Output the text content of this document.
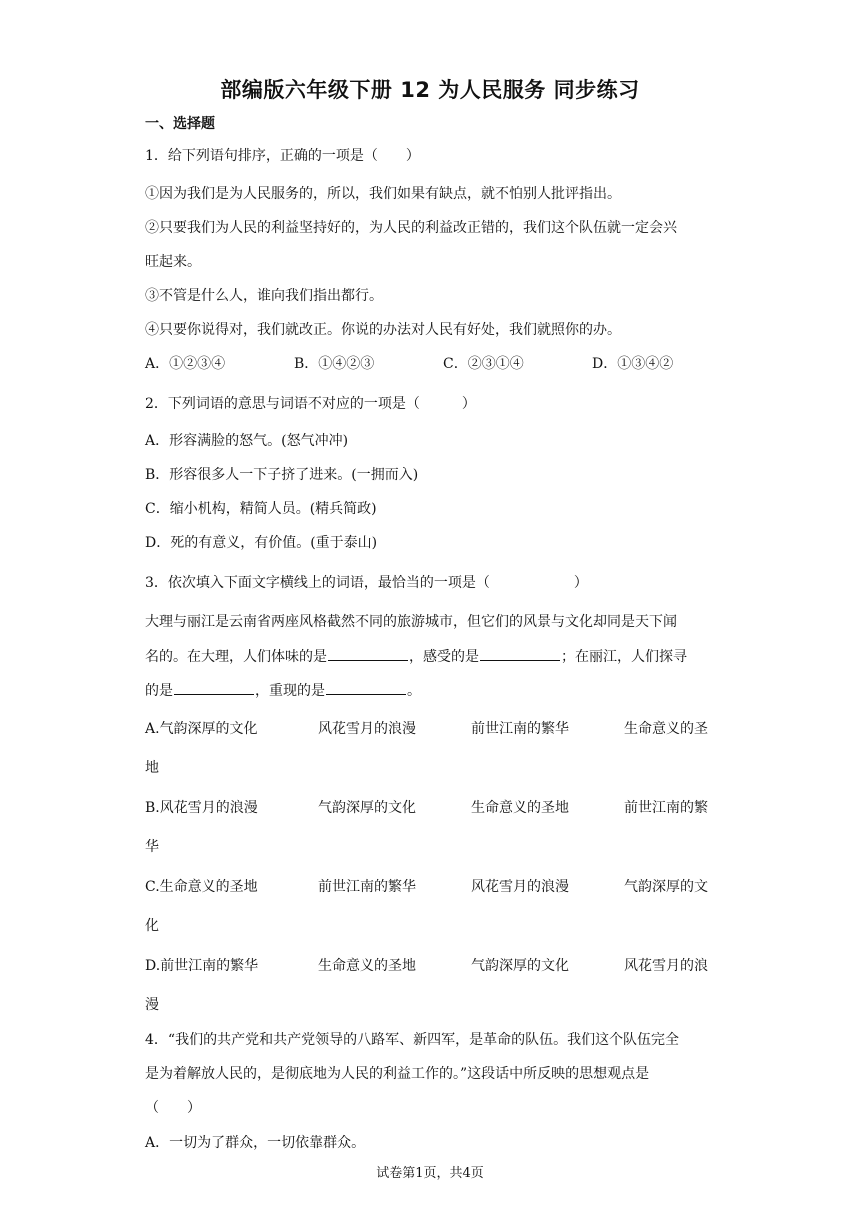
部编版六年级下册 12 为人民服务 同步练习
一、选择题
1．给下列语句排序，正确的一项是（　　）
①因为我们是为人民服务的，所以，我们如果有缺点，就不怕别人批评指出。
②只要我们为人民的利益坚持好的，为人民的利益改正错的，我们这个队伍就一定会兴
旺起来。
③不管是什么人，谁向我们指出都行。
④只要你说得对，我们就改正。你说的办法对人民有好处，我们就照你的办。
A．①②③④	B．①④②③	C．②③①④	D．①③④②
2．下列词语的意思与词语不对应的一项是（　　　）
A．形容满脸的怒气。(怒气冲冲)
B．形容很多人一下子挤了进来。(一拥而入)
C．缩小机构，精简人员。(精兵简政)
D．死的有意义，有价值。(重于泰山)
3．依次填入下面文字横线上的词语，最恰当的一项是（　　　　　　）
大理与丽江是云南省两座风格截然不同的旅游城市，但它们的风景与文化却同是天下闻
名的。在大理，人们体味的是	，感受的是	；在丽江，人们探寻
的是	，重现的是	。
A.气韵深厚的文化	风花雪月的浪漫	前世江南的繁华	生命意义的圣
地
B.风花雪月的浪漫	气韵深厚的文化	生命意义的圣地	前世江南的繁
华
C.生命意义的圣地	前世江南的繁华	风花雪月的浪漫	气韵深厚的文
化
D.前世江南的繁华	生命意义的圣地	气韵深厚的文化	风花雪月的浪
漫
4．“我们的共产党和共产党领导的八路军、新四军，是革命的队伍。我们这个队伍完全
是为着解放人民的，是彻底地为人民的利益工作的。”这段话中所反映的思想观点是
（　　）
A．一切为了群众，一切依靠群众。
试卷第1页，共4页
